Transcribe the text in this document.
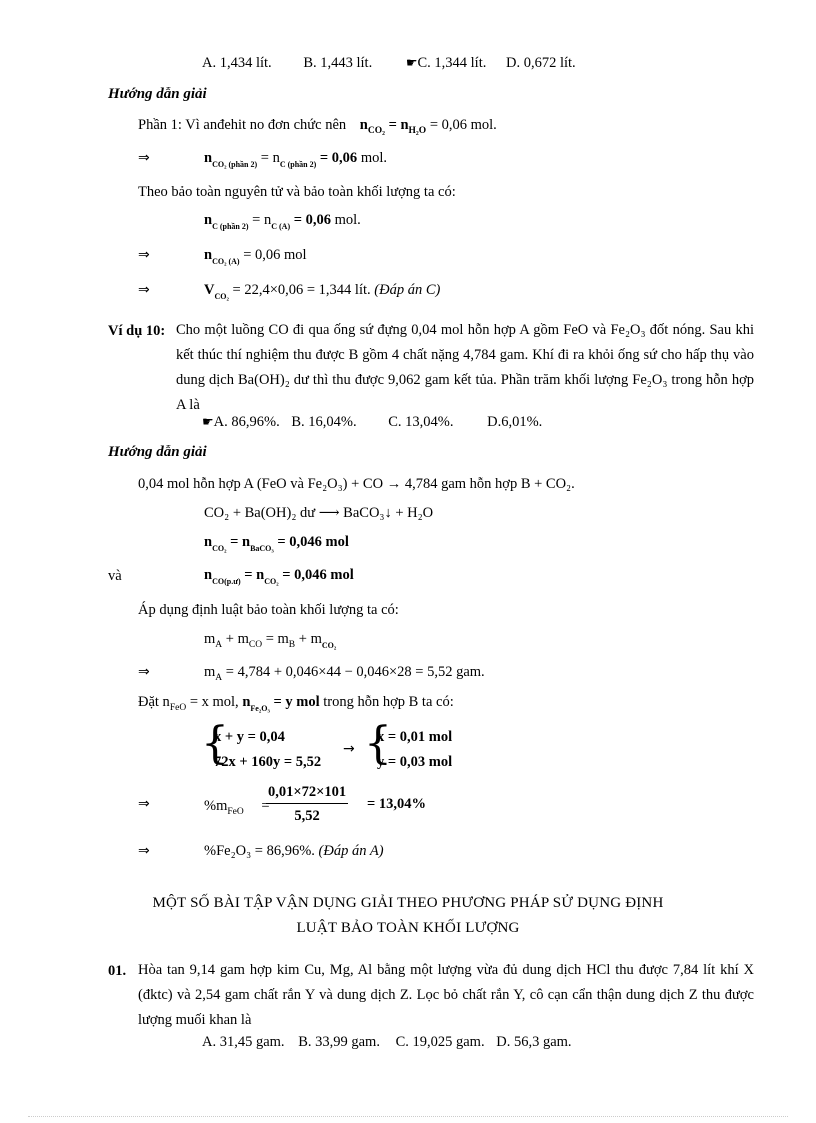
A. 1,434 lít. B. 1,443 lít.	☛C. 1,344 lít. D. 0,672 lít.
Hướng dẫn giải
Phần 1: Vì anđehit no đơn chức nên $n_{CO_2} = n_{H_2O} = 0,06$ mol.
⇒	$n_{CO_2 (phần 2)} = n_{C (phần 2)} = 0,06$ mol.
Theo bảo toàn nguyên tử và bảo toàn khối lượng ta có:
$n_{C (phần 2)} = n_{C (A)} = 0,06$ mol.
⇒	$n_{CO_2 (A)} = 0,06$ mol
⇒	$V_{CO_2} = 22,4\times 0,06 = 1,344$ lít. (Đáp án C)
Ví dụ 10: Cho một luồng CO đi qua ống sứ đựng 0,04 mol hỗn hợp A gồm FeO và Fe₂O₃ đốt nóng. Sau khi kết thúc thí nghiệm thu được B gồm 4 chất nặng 4,784 gam. Khí đi ra khỏi ống sứ cho hấp thụ vào dung dịch Ba(OH)₂ dư thì thu được 9,062 gam kết tủa. Phần trăm khối lượng Fe₂O₃ trong hỗn hợp A là
☛A. 86,96%. B. 16,04%. C. 13,04%. D.6,01%.
Hướng dẫn giải
0,04 mol hỗn hợp A (FeO và Fe₂O₃) + CO → 4,784 gam hỗn hợp B + CO₂.
CO₂ + Ba(OH)₂ dư ⟶ BaCO₃↓ + H₂O
$n_{CO_2} = n_{BaCO_3} = 0,046$ mol
và	$n_{CO(p.ư)} = n_{CO_2} = 0,046$ mol
Áp dụng định luật bảo toàn khối lượng ta có:
$m_A + m_{CO} = m_B + m_{CO_2}$
⇒	$m_A = 4,784 + 0,046\times 44 - 0,046\times 28 = 5,52$ gam.
Đặt $n_{FeO} = x$ mol, $n_{Fe_2O_3} = y$ mol trong hỗn hợp B ta có:
{
x + y = 0,04
72x + 160y = 5,52
→ {
x = 0,01 mol
y = 0,03 mol
⇒	$\%m_{FeO}$ =
$\frac{0,01\times 72\times 101}{5,52} = 13,04\%$
⇒	%Fe₂O₃ = 86,96%. (Đáp án A)
MỘT SỐ BÀI TẬP VẬN DỤNG GIẢI THEO PHƯƠNG PHÁP SỬ DỤNG ĐỊNH
LUẬT BẢO TOÀN KHỐI LƯỢNG
01. Hòa tan 9,14 gam hợp kim Cu, Mg, Al bằng một lượng vừa đủ dung dịch HCl thu được 7,84 lít khí X (đktc) và 2,54 gam chất rắn Y và dung dịch Z. Lọc bỏ chất rắn Y, cô cạn cẩn thận dung dịch Z thu được lượng muối khan là
A. 31,45 gam. B. 33,99 gam. C. 19,025 gam. D. 56,3 gam.
